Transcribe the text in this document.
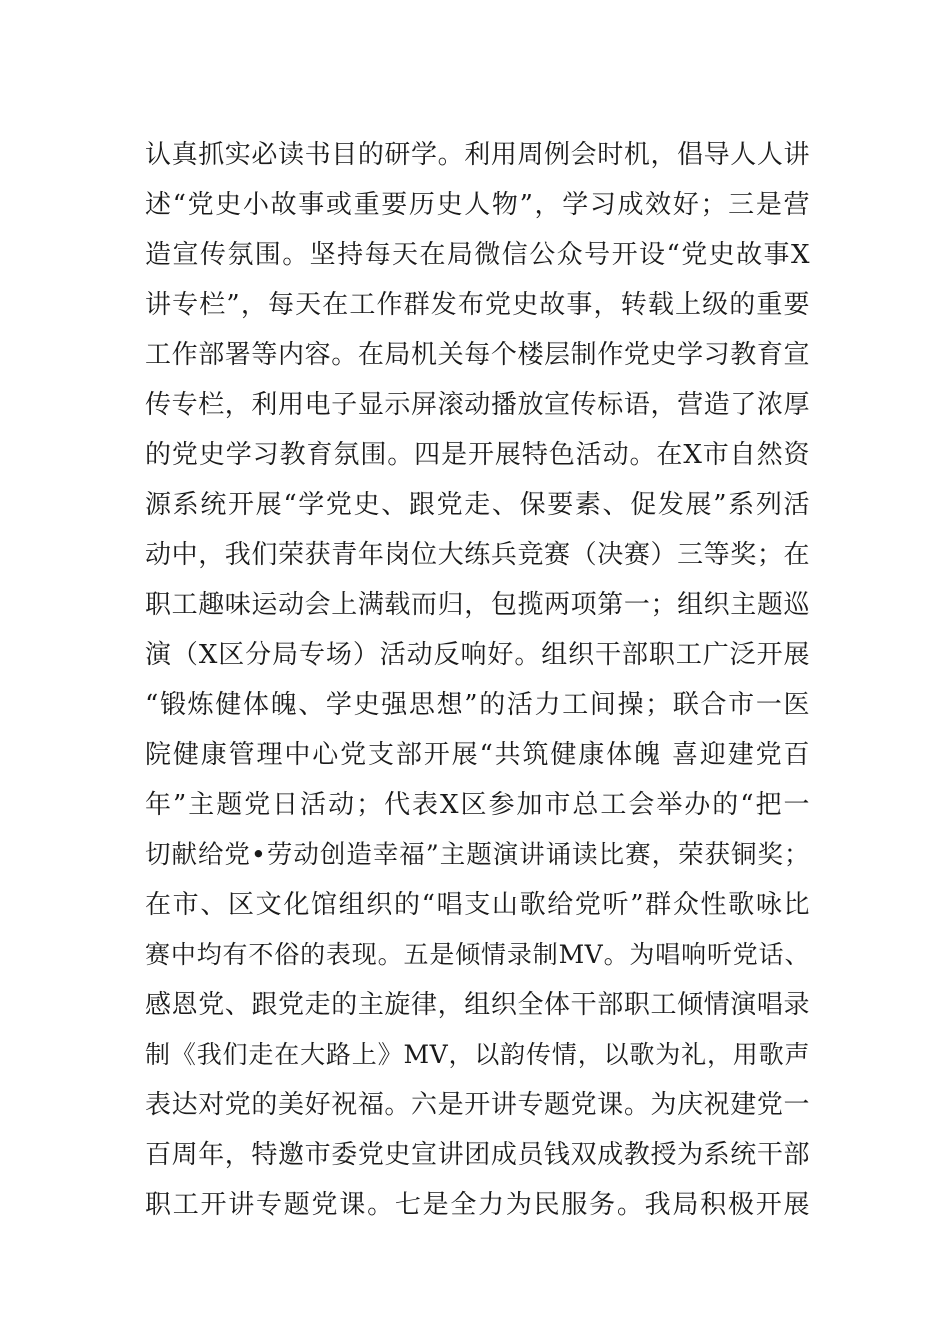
认真抓实必读书目的研学。利用周例会时机，倡导人人讲
述“党史小故事或重要历史人物”，学习成效好；三是营
造宣传氛围。坚持每天在局微信公众号开设“党史故事X
讲专栏”，每天在工作群发布党史故事，转载上级的重要
工作部署等内容。在局机关每个楼层制作党史学习教育宣
传专栏，利用电子显示屏滚动播放宣传标语，营造了浓厚
的党史学习教育氛围。四是开展特色活动。在X市自然资
源系统开展“学党史、跟党走、保要素、促发展”系列活
动中，我们荣获青年岗位大练兵竞赛（决赛）三等奖；在
职工趣味运动会上满载而归，包揽两项第一；组织主题巡
演（X区分局专场）活动反响好。组织干部职工广泛开展
“锻炼健体魄、学史强思想”的活力工间操；联合市一医
院健康管理中心党支部开展“共筑健康体魄 喜迎建党百
年”主题党日活动；代表X区参加市总工会举办的“把一
切献给党•劳动创造幸福”主题演讲诵读比赛，荣获铜奖；
在市、区文化馆组织的“唱支山歌给党听”群众性歌咏比
赛中均有不俗的表现。五是倾情录制MV。为唱响听党话、
感恩党、跟党走的主旋律，组织全体干部职工倾情演唱录
制《我们走在大路上》MV，以韵传情，以歌为礼，用歌声
表达对党的美好祝福。六是开讲专题党课。为庆祝建党一
百周年，特邀市委党史宣讲团成员钱双成教授为系统干部
职工开讲专题党课。七是全力为民服务。我局积极开展
